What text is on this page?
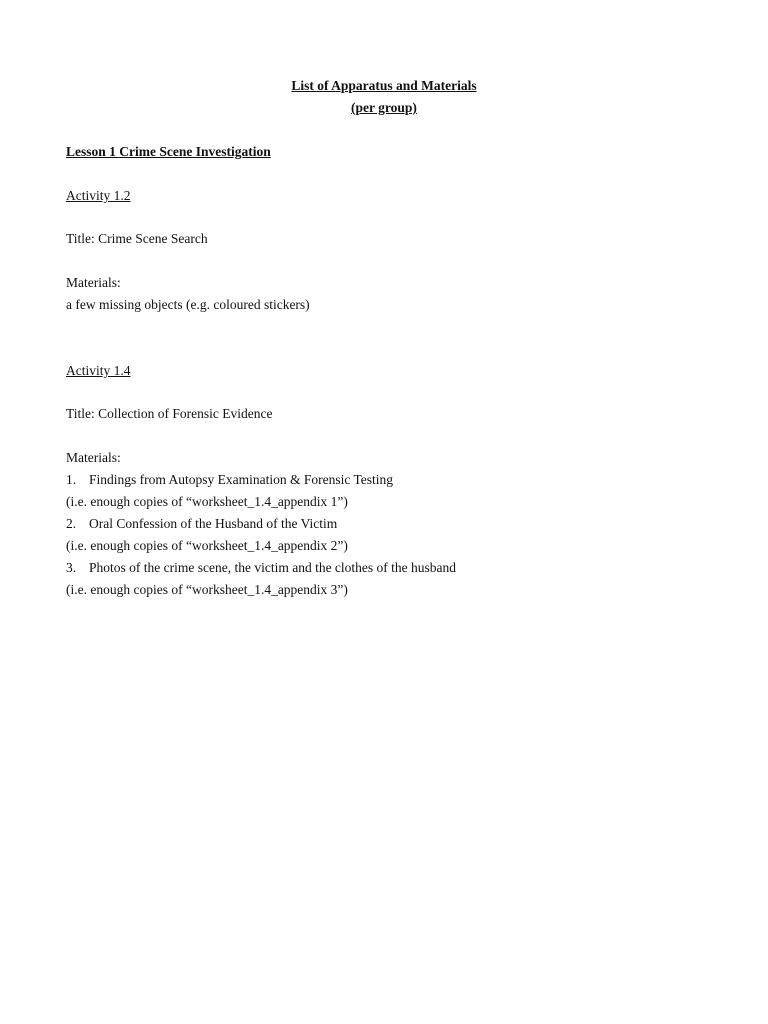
List of Apparatus and Materials
(per group)
Lesson 1 Crime Scene Investigation
Activity 1.2
Title: Crime Scene Search
Materials:
a few missing objects (e.g. coloured stickers)
Activity 1.4
Title: Collection of Forensic Evidence
Materials:
1. Findings from Autopsy Examination & Forensic Testing
(i.e. enough copies of “worksheet_1.4_appendix 1”)
2. Oral Confession of the Husband of the Victim
(i.e. enough copies of “worksheet_1.4_appendix 2”)
3. Photos of the crime scene, the victim and the clothes of the husband
(i.e. enough copies of “worksheet_1.4_appendix 3”)
